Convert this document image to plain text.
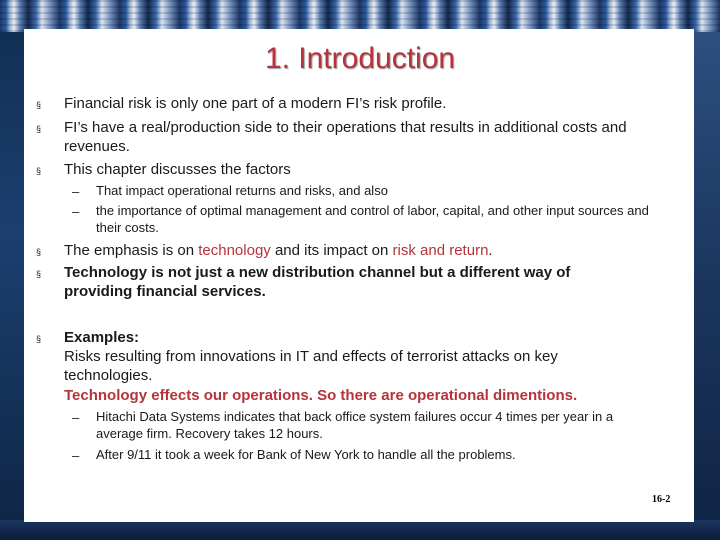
1. Introduction
§ Financial risk is only one part of a modern FI’s risk profile.
§ FI’s have a real/production side to their operations that results in additional costs and revenues.
§ This chapter discusses the factors
– That impact operational returns and risks, and also
– the importance of optimal management and control of labor, capital, and other input sources and their costs.
§ The emphasis is on technology and its impact on risk and return.
§ Technology is not just a new distribution channel but a different way of providing financial services.
§ Examples:
Risks resulting from innovations in IT and effects of terrorist attacks on key technologies.
Technology effects our operations. So there are operational dimentions.
– Hitachi Data Systems indicates that back office system failures occur 4 times per year in a average firm. Recovery takes 12 hours.
– After 9/11 it took a week for Bank of New York to handle all the problems.
16-2
